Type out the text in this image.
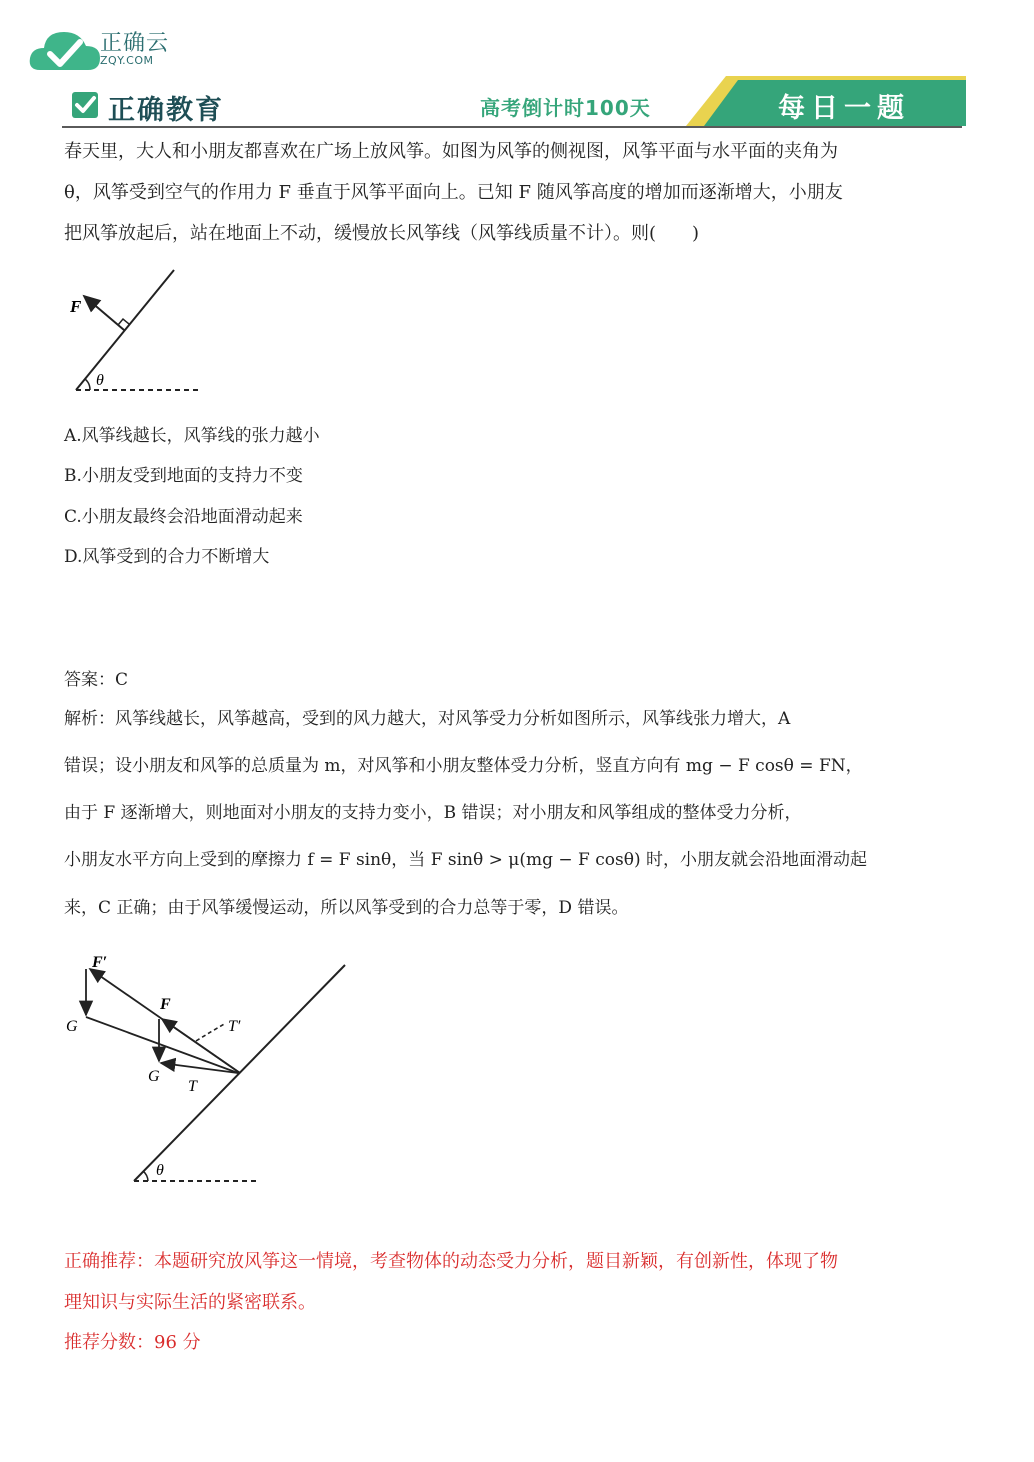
正确云
ZQY.COM
正确教育	高考倒计时100天	每日一题
春天里，大人和小朋友都喜欢在广场上放风筝。如图为风筝的侧视图，风筝平面与水平面的夹角为
θ，风筝受到空气的作用力 F 垂直于风筝平面向上。已知 F 随风筝高度的增加而逐渐增大，小朋友
把风筝放起后，站在地面上不动，缓慢放长风筝线（风筝线质量不计）。则(　　)
F
θ
A.风筝线越长，风筝线的张力越小
B.小朋友受到地面的支持力不变
C.小朋友最终会沿地面滑动起来
D.风筝受到的合力不断增大
答案：C
解析：风筝线越长，风筝越高，受到的风力越大，对风筝受力分析如图所示，风筝线张力增大，A
错误；设小朋友和风筝的总质量为 m，对风筝和小朋友整体受力分析，竖直方向有 mg − F cosθ = FN，
由于 F 逐渐增大，则地面对小朋友的支持力变小，B 错误；对小朋友和风筝组成的整体受力分析，
小朋友水平方向上受到的摩擦力 f = F sinθ，当 F sinθ > μ(mg − F cosθ) 时，小朋友就会沿地面滑动起
来，C 正确；由于风筝缓慢运动，所以风筝受到的合力总等于零，D 错误。
F′
F
T′
G
G
T
θ
正确推荐：本题研究放风筝这一情境，考查物体的动态受力分析，题目新颖，有创新性，体现了物
理知识与实际生活的紧密联系。
推荐分数：96 分
